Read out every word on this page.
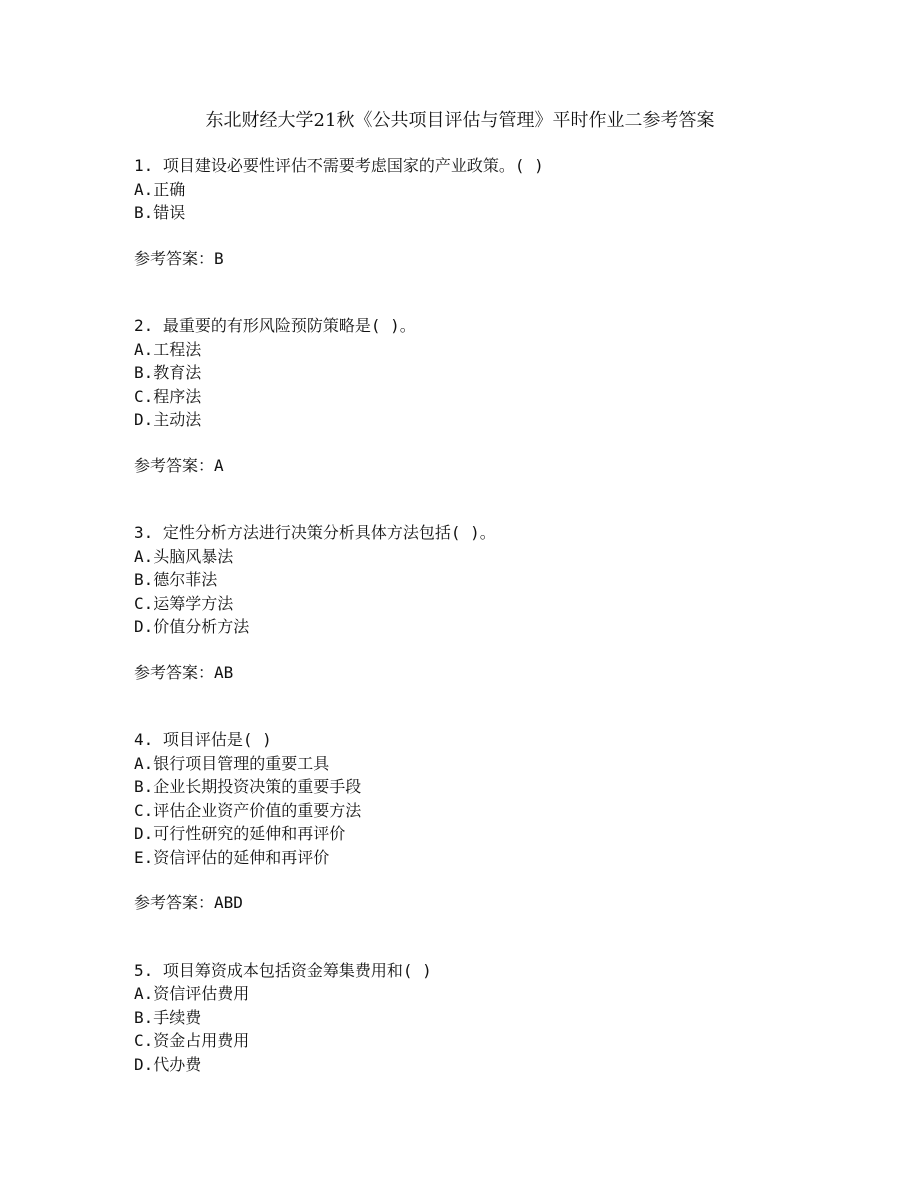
东北财经大学21秋《公共项目评估与管理》平时作业二参考答案
1. 项目建设必要性评估不需要考虑国家的产业政策。( )
A.正确
B.错误
参考答案：B
2. 最重要的有形风险预防策略是( )。
A.工程法
B.教育法
C.程序法
D.主动法
参考答案：A
3. 定性分析方法进行决策分析具体方法包括( )。
A.头脑风暴法
B.德尔菲法
C.运筹学方法
D.价值分析方法
参考答案：AB
4. 项目评估是( )
A.银行项目管理的重要工具
B.企业长期投资决策的重要手段
C.评估企业资产价值的重要方法
D.可行性研究的延伸和再评价
E.资信评估的延伸和再评价
参考答案：ABD
5. 项目筹资成本包括资金筹集费用和( )
A.资信评估费用
B.手续费
C.资金占用费用
D.代办费
